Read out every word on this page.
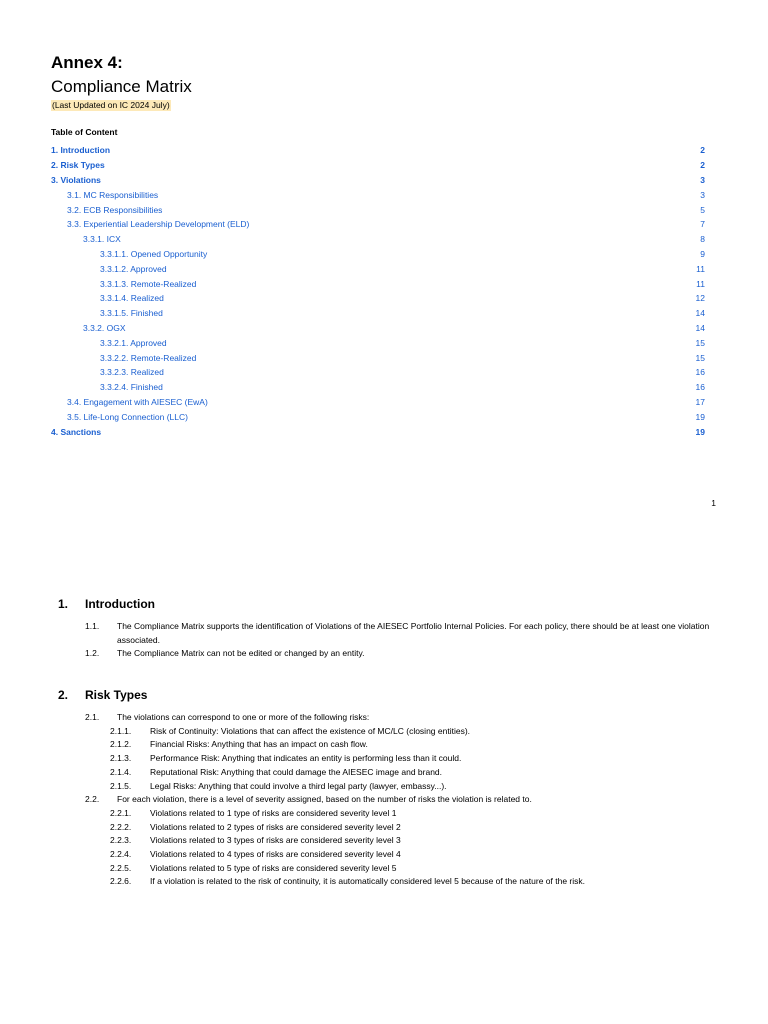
Annex 4:
Compliance Matrix
(Last Updated on IC 2024 July)
Table of Content
1. Introduction	2
2. Risk Types	2
3. Violations	3
3.1. MC Responsibilities	3
3.2. ECB Responsibilities	5
3.3. Experiential Leadership Development (ELD)	7
3.3.1. ICX	8
3.3.1.1. Opened Opportunity	9
3.3.1.2. Approved	11
3.3.1.3. Remote-Realized	11
3.3.1.4. Realized	12
3.3.1.5. Finished	14
3.3.2. OGX	14
3.3.2.1. Approved	15
3.3.2.2. Remote-Realized	15
3.3.2.3. Realized	16
3.3.2.4. Finished	16
3.4. Engagement with AIESEC (EwA)	17
3.5. Life-Long Connection (LLC)	19
4. Sanctions	19
1
1. Introduction
1.1.	The Compliance Matrix supports the identification of Violations of the AIESEC Portfolio Internal Policies. For each policy, there should be at least one violation associated.
1.2.	The Compliance Matrix can not be edited or changed by an entity.
2. Risk Types
2.1.	The violations can correspond to one or more of the following risks:
2.1.1.	Risk of Continuity: Violations that can affect the existence of MC/LC (closing entities).
2.1.2.	Financial Risks: Anything that has an impact on cash flow.
2.1.3.	Performance Risk: Anything that indicates an entity is performing less than it could.
2.1.4.	Reputational Risk: Anything that could damage the AIESEC image and brand.
2.1.5.	Legal Risks: Anything that could involve a third legal party (lawyer, embassy...).
2.2.	For each violation, there is a level of severity assigned, based on the number of risks the violation is related to.
2.2.1.	Violations related to 1 type of risks are considered severity level 1
2.2.2.	Violations related to 2 types of risks are considered severity level 2
2.2.3.	Violations related to 3 types of risks are considered severity level 3
2.2.4.	Violations related to 4 types of risks are considered severity level 4
2.2.5.	Violations related to 5 type of risks are considered severity level 5
2.2.6.	If a violation is related to the risk of continuity, it is automatically considered level 5 because of the nature of the risk.
